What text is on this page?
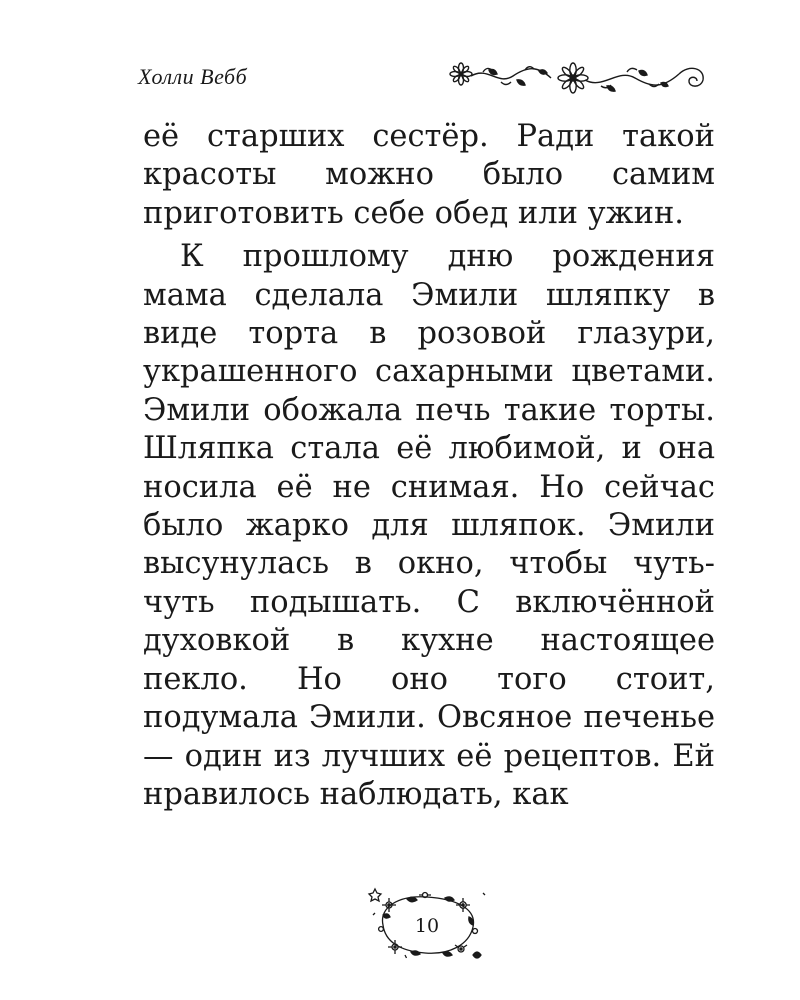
Холли Вебб

её старших сестёр. Ради такой красоты можно было самим приготовить себе обед или ужин.

К прошлому дню рождения мама сделала Эмили шляпку в виде торта в розовой глазури, украшенного сахарными цветами. Эмили обожала печь такие торты. Шляпка стала её любимой, и она носила её не снимая. Но сейчас было жарко для шляпок. Эмили высунулась в окно, чтобы чуть-чуть подышать. С включённой духовкой в кухне настоящее пекло. Но оно того стоит, подумала Эмили. Овсяное печенье — один из лучших её рецептов. Ей нравилось наблюдать, как

10
